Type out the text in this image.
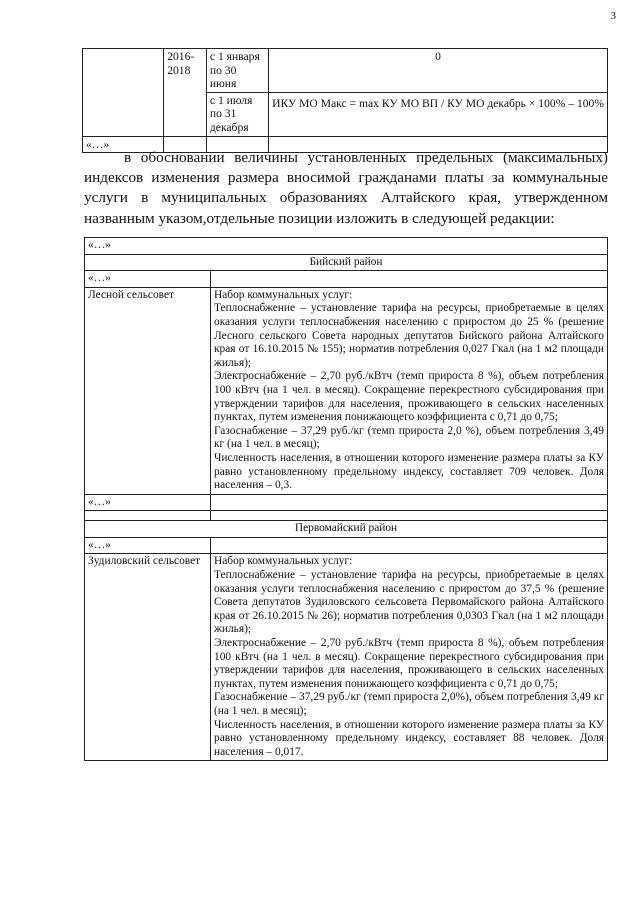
3
	2016-2018	с 1 января по 30 июня	0
		с 1 июля по 31 декабря	ИКУ МО Макс = max КУ МО ВП / КУ МО декабрь × 100% – 100%
«…»			
в обосновании величины установленных предельных (максимальных) индексов изменения размера вносимой гражданами платы за коммунальные услуги в муниципальных образованиях Алтайского края, утвержденном названным указом,отдельные позиции изложить в следующей редакции:
«…»	
Бийский район	
«…»	
Лесной сельсовет	Набор коммунальных услуг:
Теплоснабжение – установление тарифа на ресурсы, приобретаемые в целях оказания услуги теплоснабжения населению с приростом до 25 % (решение Лесного сельского Совета народных депутатов Бийского района Алтайского края от 16.10.2015 № 155); норматив потребления 0,027 Гкал (на 1 м2 площади жилья);
Электроснабжение – 2,70 руб./кВтч (темп прироста 8 %), объем потребления 100 кВтч (на 1 чел. в месяц). Сокращение перекрестного субсидирования при утверждении тарифов для населения, проживающего в сельских населенных пунктах, путем изменения понижающего коэффициента с 0,71 до 0,75;
Газоснабжение – 37,29 руб./кг (темп прироста 2,0 %), объем потребления 3,49 кг (на 1 чел. в месяц);
Численность населения, в отношении которого изменение размера платы за КУ равно установленному предельному индексу, составляет 709 человек. Доля населения – 0,3.

«…»	

Первомайский район	
«…»	
Зудиловский сельсовет	Набор коммунальных услуг:
Теплоснабжение – установление тарифа на ресурсы, приобретаемые в целях оказания услуги теплоснабжения населению с приростом до 37,5 % (решение Совета депутатов Зудиловского сельсовета Первомайского района Алтайского края от 26.10.2015 № 26); норматив потребления 0,0303 Гкал (на 1 м2 площади жилья);
Электроснабжение – 2,70 руб./кВтч (темп прироста 8 %), объем потребления 100 кВтч (на 1 чел. в месяц). Сокращение перекрестного субсидирования при утверждении тарифов для населения, проживающего в сельских населенных пунктах, путем изменения понижающего коэффициента с 0,71 до 0,75;
Газоснабжение – 37,29 руб./кг (темп прироста 2,0%), объем потребления 3,49 кг (на 1 чел. в месяц);
Численность населения, в отношении которого изменение размера платы за КУ равно установленному предельному индексу, составляет 88 человек. Доля населения – 0,017.
